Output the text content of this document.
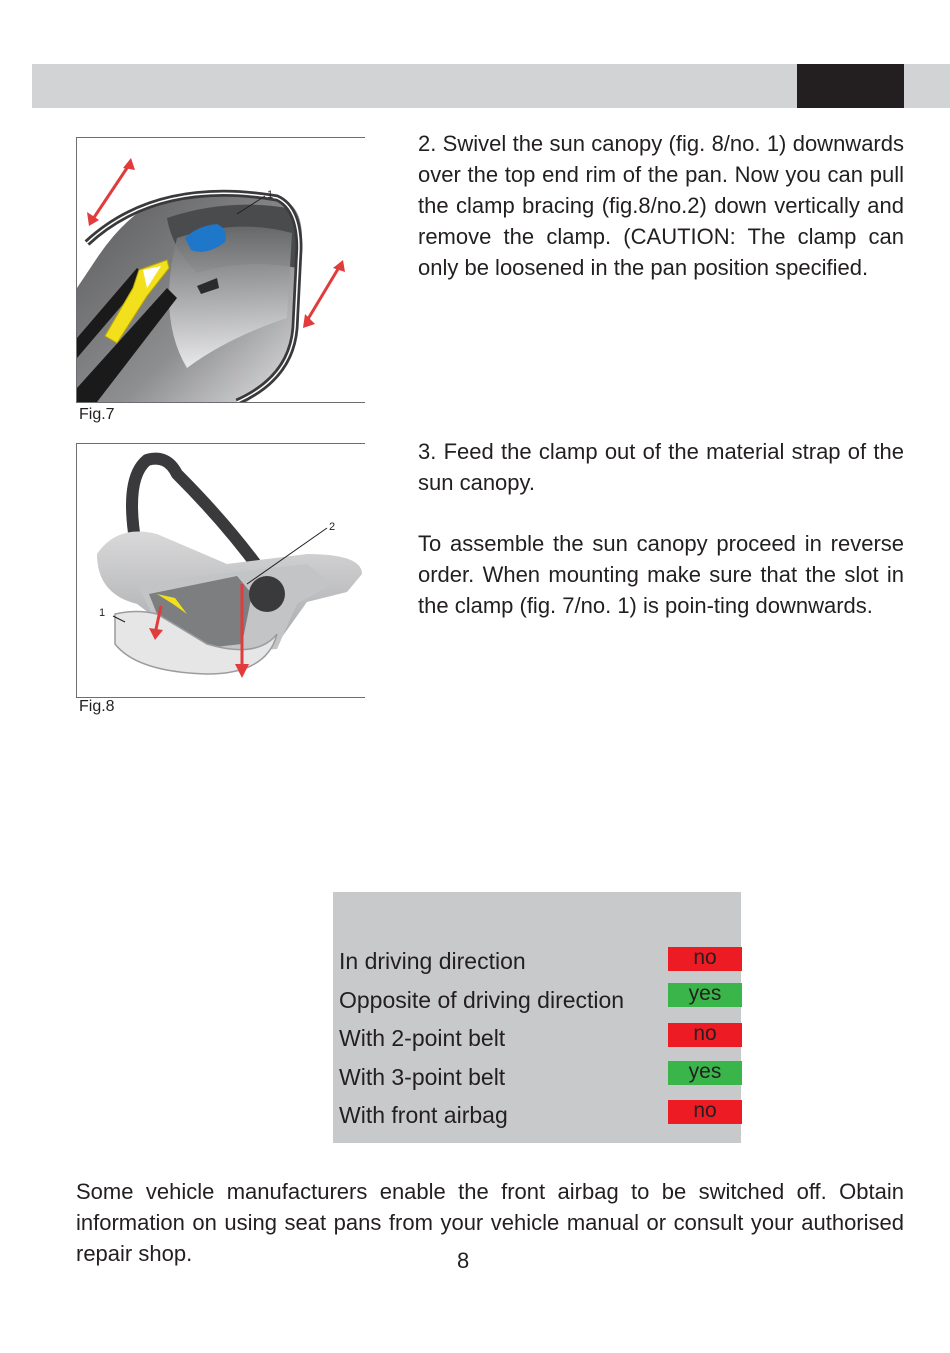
1
Fig.7
2
1
Fig.8

2. Swivel the sun canopy (fig. 8/no. 1) downwards over the top end rim of the pan. Now you can pull the clamp bracing (fig.8/no.2) down vertically and remove the clamp. (CAUTION: The clamp can only be loosened in the pan position specified.

3. Feed the clamp out of the material strap of the sun canopy.

To assemble the sun canopy proceed in reverse order. When mounting make sure that the slot in the clamp (fig. 7/no. 1) is poin-ting downwards.

In driving direction	no
Opposite of driving direction	yes
With 2-point belt	no
With 3-point belt	yes
With front airbag	no

Some vehicle manufacturers enable the front airbag to be switched off. Obtain information on using seat pans from your vehicle manual or consult your authorised repair shop.	8
